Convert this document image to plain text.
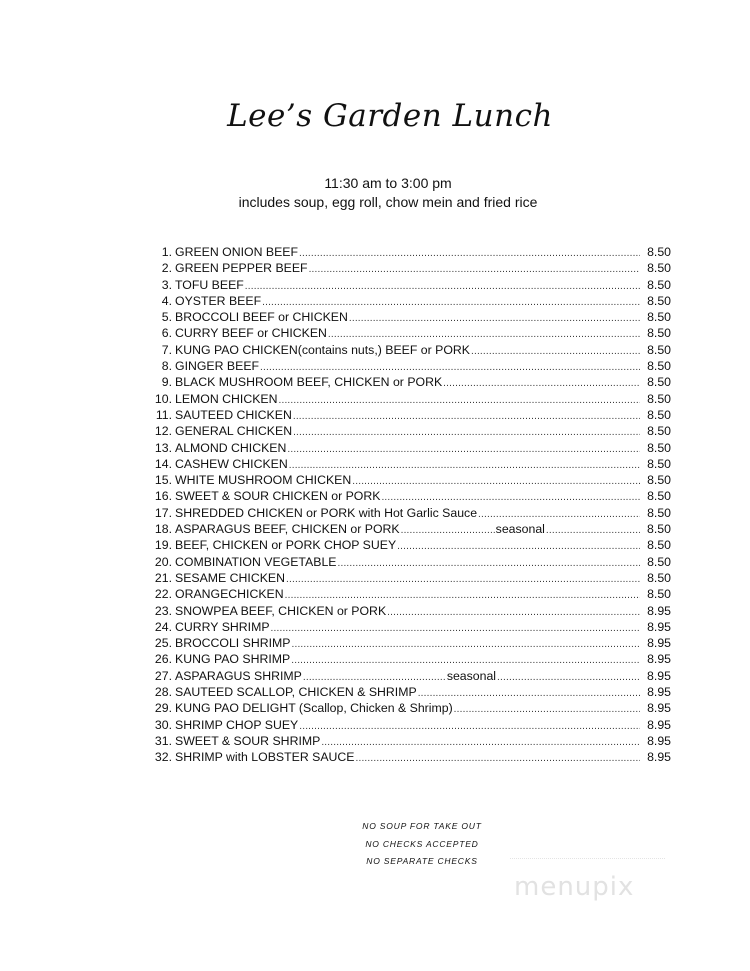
Lee’s Garden Lunch
11:30 am to 3:00 pm
includes soup, egg roll, chow mein and fried rice
1. GREEN ONION BEEF .....	8.50
2. GREEN PEPPER BEEF .....	8.50
3. TOFU BEEF .....	8.50
4. OYSTER BEEF .....	8.50
5. BROCCOLI BEEF or CHICKEN .....	8.50
6. CURRY BEEF or CHICKEN .....	8.50
7. KUNG PAO CHICKEN(contains nuts,) BEEF or PORK .....	8.50
8. GINGER BEEF .....	8.50
9. BLACK MUSHROOM BEEF, CHICKEN or PORK .....	8.50
10. LEMON CHICKEN .....	8.50
11. SAUTEED CHICKEN .....	8.50
12. GENERAL CHICKEN .....	8.50
13. ALMOND CHICKEN .....	8.50
14. CASHEW CHICKEN .....	8.50
15. WHITE MUSHROOM CHICKEN .....	8.50
16. SWEET & SOUR CHICKEN or PORK .....	8.50
17. SHREDDED CHICKEN or PORK with Hot Garlic Sauce .....	8.50
18. ASPARAGUS BEEF, CHICKEN or PORK .....	seasonal .....	8.50
19. BEEF, CHICKEN or PORK CHOP SUEY .....	8.50
20. COMBINATION VEGETABLE .....	8.50
21. SESAME CHICKEN .....	8.50
22. ORANGECHICKEN .....	8.50
23. SNOWPEA BEEF, CHICKEN or PORK .....	8.95
24. CURRY SHRIMP .....	8.95
25. BROCCOLI SHRIMP .....	8.95
26. KUNG PAO SHRIMP .....	8.95
27. ASPARAGUS SHRIMP .....	seasonal .....	8.95
28. SAUTEED SCALLOP, CHICKEN & SHRIMP .....	8.95
29. KUNG PAO DELIGHT (Scallop, Chicken & Shrimp) .....	8.95
30. SHRIMP CHOP SUEY .....	8.95
31. SWEET & SOUR SHRIMP .....	8.95
32. SHRIMP with LOBSTER SAUCE .....	8.95
NO SOUP FOR TAKE OUT
NO CHECKS ACCEPTED
NO SEPARATE CHECKS
menupix
